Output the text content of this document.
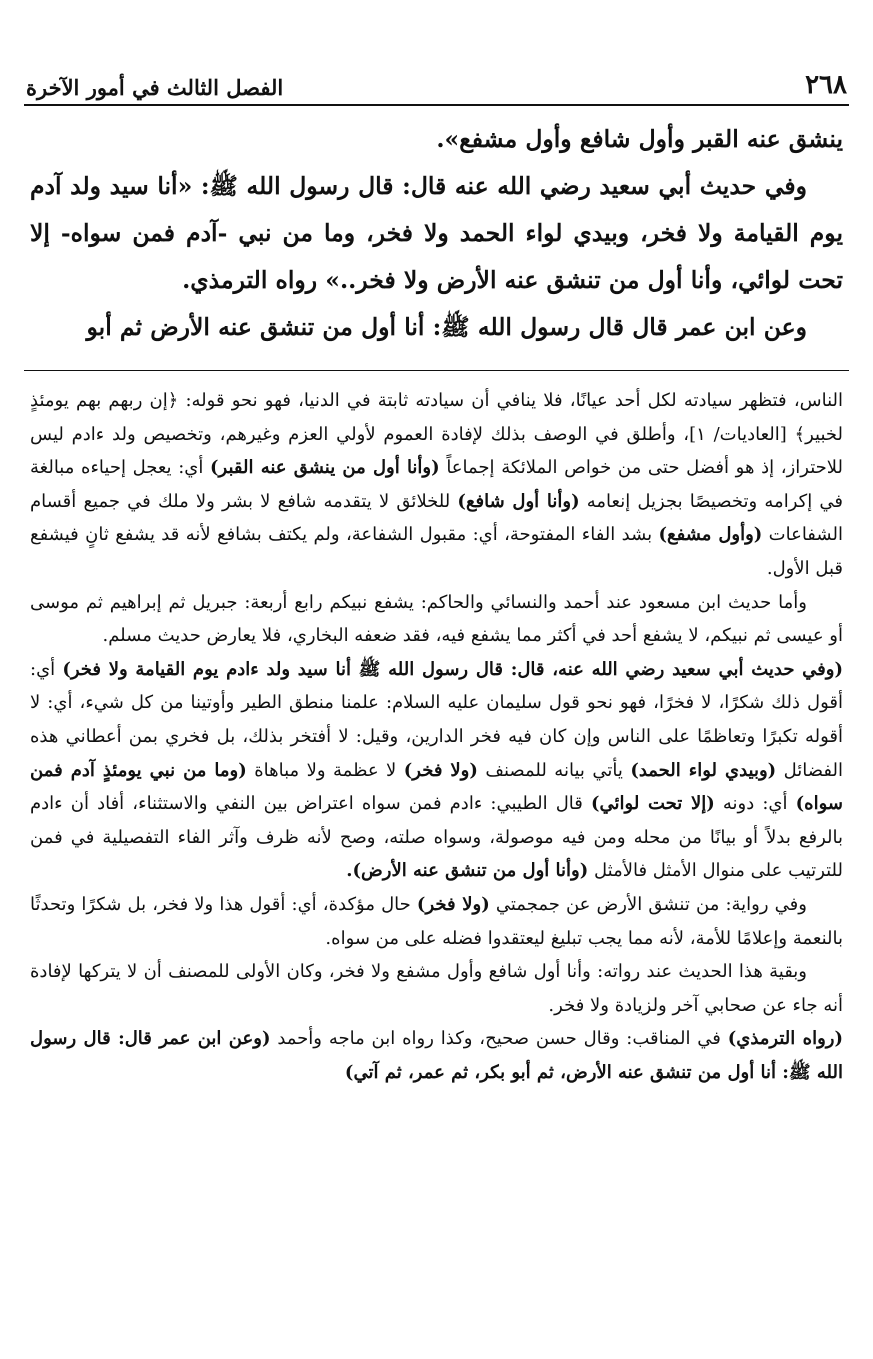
٢٦٨
الفصل الثالث في أمور الآخرة

ينشق عنه القبر وأول شافع وأول مشفع».

وفي حديث أبي سعيد رضي الله عنه قال: قال رسول الله ﷺ: «أنا سيد ولد آدم يوم القيامة ولا فخر، وبيدي لواء الحمد ولا فخر، وما من نبي -آدم فمن سواه- إلا تحت لوائي، وأنا أول من تنشق عنه الأرض ولا فخر..» رواه الترمذي.

وعن ابن عمر قال قال رسول الله ﷺ: أنا أول من تنشق عنه الأرض ثم أبو

الناس، فتظهر سيادته لكل أحد عيانًا، فلا ينافي أن سيادته ثابتة في الدنيا، فهو نحو قوله: ﴿إن ربهم بهم يومئذٍ لخبير﴾ [العاديات/ ١]، وأطلق في الوصف بذلك لإفادة العموم لأولي العزم وغيرهم، وتخصيص ولد ءادم ليس للاحتراز، إذ هو أفضل حتى من خواص الملائكة إجماعاً (وأنا أول من ينشق عنه القبر) أي: يعجل إحياءه مبالغة في إكرامه وتخصيصًا بجزيل إنعامه (وأنا أول شافع) للخلائق لا يتقدمه شافع لا بشر ولا ملك في جميع أقسام الشفاعات (وأول مشفع) بشد الفاء المفتوحة، أي: مقبول الشفاعة، ولم يكتف بشافع لأنه قد يشفع ثانٍ فيشفع قبل الأول.

وأما حديث ابن مسعود عند أحمد والنسائي والحاكم: يشفع نبيكم رابع أربعة: جبريل ثم إبراهيم ثم موسى أو عيسى ثم نبيكم، لا يشفع أحد في أكثر مما يشفع فيه، فقد ضعفه البخاري، فلا يعارض حديث مسلم.

(وفي حديث أبي سعيد رضي الله عنه، قال: قال رسول الله ﷺ أنا سيد ولد ءادم يوم القيامة ولا فخر) أي: أقول ذلك شكرًا، لا فخرًا، فهو نحو قول سليمان عليه السلام: علمنا منطق الطير وأوتينا من كل شيء، أي: لا أقوله تكبرًا وتعاظمًا على الناس وإن كان فيه فخر الدارين، وقيل: لا أفتخر بذلك، بل فخري بمن أعطاني هذه الفضائل (وبيدي لواء الحمد) يأتي بيانه للمصنف (ولا فخر) لا عظمة ولا مباهاة (وما من نبي يومئذٍ آدم فمن سواه) أي: دونه (إلا تحت لوائي) قال الطيبي: ءادم فمن سواه اعتراض بين النفي والاستثناء، أفاد أن ءادم بالرفع بدلاً أو بيانًا من محله ومن فيه موصولة، وسواه صلته، وصح لأنه ظرف وآثر الفاء التفصيلية في فمن للترتيب على منوال الأمثل فالأمثل (وأنا أول من تنشق عنه الأرض).

وفي رواية: من تنشق الأرض عن جمجمتي (ولا فخر) حال مؤكدة، أي: أقول هذا ولا فخر، بل شكرًا وتحدثًا بالنعمة وإعلامًا للأمة، لأنه مما يجب تبليغ ليعتقدوا فضله على من سواه.

وبقية هذا الحديث عند رواته: وأنا أول شافع وأول مشفع ولا فخر، وكان الأولى للمصنف أن لا يتركها لإفادة أنه جاء عن صحابي آخر ولزيادة ولا فخر.

(رواه الترمذي) في المناقب: وقال حسن صحيح، وكذا رواه ابن ماجه وأحمد (وعن ابن عمر قال: قال رسول الله ﷺ: أنا أول من تنشق عنه الأرض، ثم أبو بكر، ثم عمر، ثم آتي)
